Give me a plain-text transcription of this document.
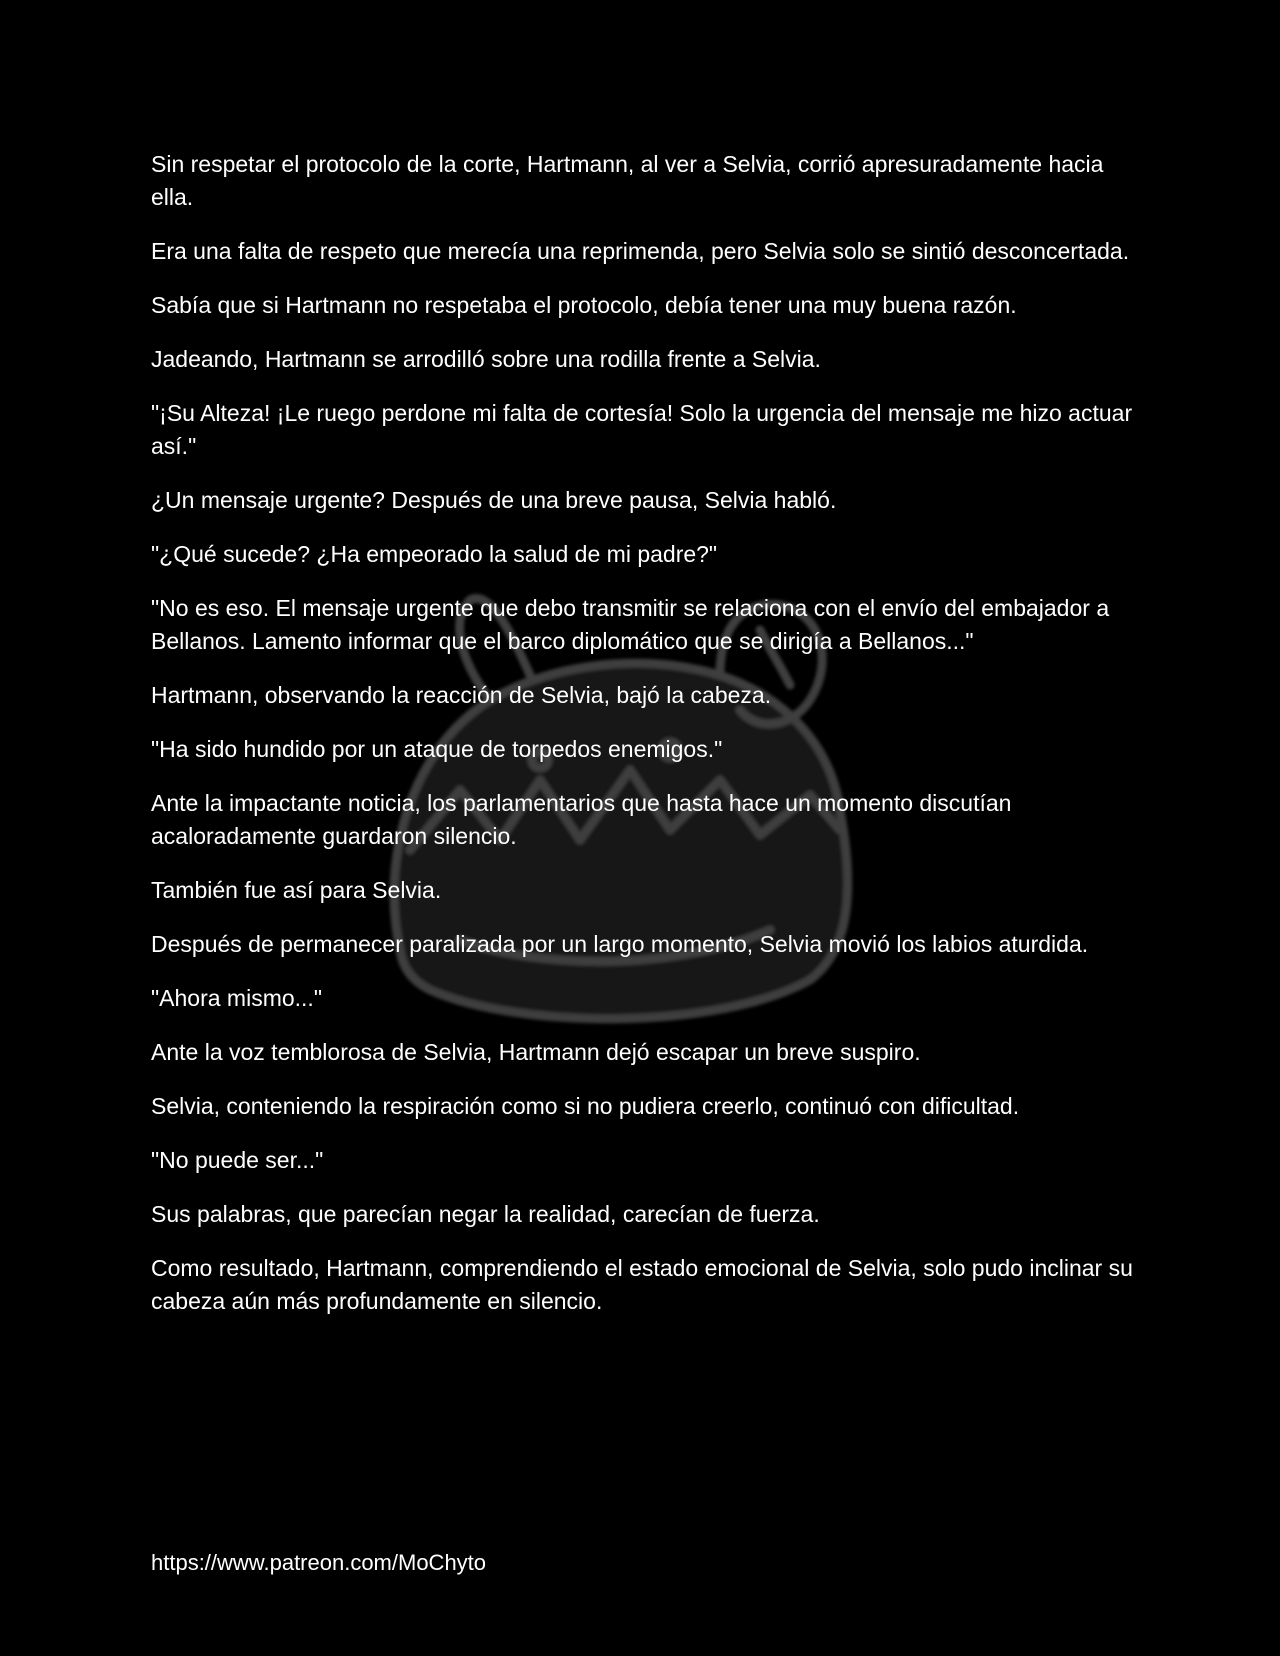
Sin respetar el protocolo de la corte, Hartmann, al ver a Selvia, corrió apresuradamente hacia ella.

Era una falta de respeto que merecía una reprimenda, pero Selvia solo se sintió desconcertada.

Sabía que si Hartmann no respetaba el protocolo, debía tener una muy buena razón.

Jadeando, Hartmann se arrodilló sobre una rodilla frente a Selvia.

"¡Su Alteza! ¡Le ruego perdone mi falta de cortesía! Solo la urgencia del mensaje me hizo actuar así."

¿Un mensaje urgente? Después de una breve pausa, Selvia habló.

"¿Qué sucede? ¿Ha empeorado la salud de mi padre?"

"No es eso. El mensaje urgente que debo transmitir se relaciona con el envío del embajador a Bellanos. Lamento informar que el barco diplomático que se dirigía a Bellanos..."

Hartmann, observando la reacción de Selvia, bajó la cabeza.

"Ha sido hundido por un ataque de torpedos enemigos."

Ante la impactante noticia, los parlamentarios que hasta hace un momento discutían acaloradamente guardaron silencio.

También fue así para Selvia.

Después de permanecer paralizada por un largo momento, Selvia movió los labios aturdida.

"Ahora mismo..."

Ante la voz temblorosa de Selvia, Hartmann dejó escapar un breve suspiro.

Selvia, conteniendo la respiración como si no pudiera creerlo, continuó con dificultad.

"No puede ser..."

Sus palabras, que parecían negar la realidad, carecían de fuerza.

Como resultado, Hartmann, comprendiendo el estado emocional de Selvia, solo pudo inclinar su cabeza aún más profundamente en silencio.

https://www.patreon.com/MoChyto
